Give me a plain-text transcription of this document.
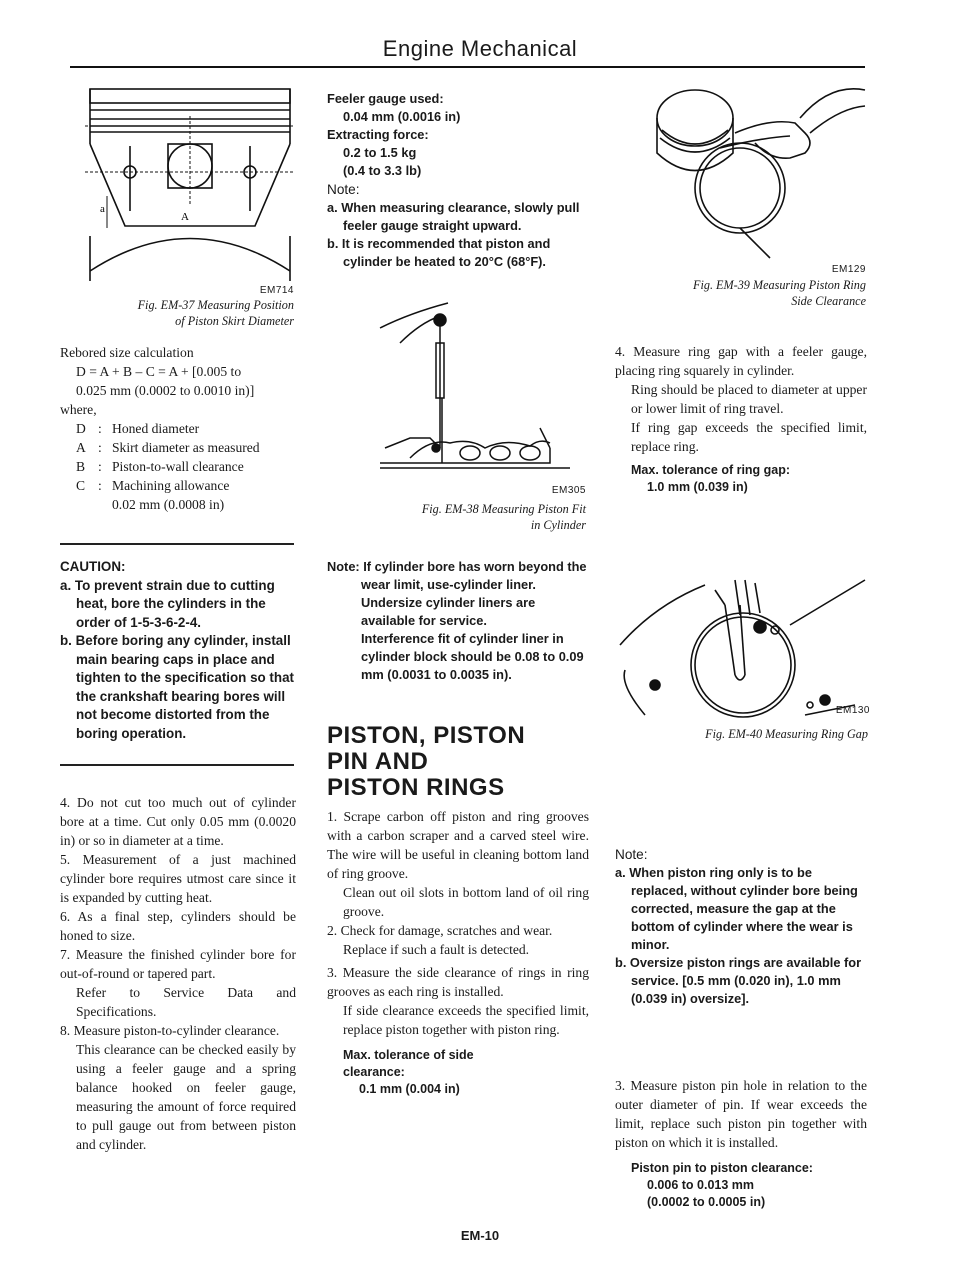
Engine Mechanical
a
A
EM714
Fig. EM-37 Measuring Position
of Piston Skirt Diameter

Rebored size calculation

D = A + B – C = A + [0.005 to

0.025 mm (0.0002 to 0.0010 in)]

where,

D : Honed diameter
A : Skirt diameter as measured
B : Piston-to-wall clearance
C : Machining allowance
0.02 mm (0.0008 in)

CAUTION:

a. To prevent strain due to cutting heat, bore the cylinders in the order of 1-5-3-6-2-4.

b. Before boring any cylinder, install main bearing caps in place and tighten to the specification so that the crankshaft bearing bores will not become distorted from the boring operation.

4. Do not cut too much out of cylinder bore at a time. Cut only 0.05 mm (0.0020 in) or so in diameter at a time.

5. Measurement of a just machined cylinder bore requires utmost care since it is expanded by cutting heat.

6. As a final step, cylinders should be honed to size.

7. Measure the finished cylinder bore for out-of-round or tapered part.

Refer to Service Data and Specifications.

8. Measure piston-to-cylinder clearance.

This clearance can be checked easily by using a feeler gauge and a spring balance hooked on feeler gauge, measuring the amount of force required to pull gauge out from between piston and cylinder.

Feeler gauge used:

0.04 mm (0.0016 in)

Extracting force:

0.2 to 1.5 kg

(0.4 to 3.3 lb)

Note:

a. When measuring clearance, slowly pull feeler gauge straight upward.

b. It is recommended that piston and cylinder be heated to 20°C (68°F).

EM305
Fig. EM-38 Measuring Piston Fit
in Cylinder

Note: If cylinder bore has worn beyond the wear limit, use-cylinder liner.

Undersize cylinder liners are available for service.

Interference fit of cylinder liner in cylinder block should be 0.08 to 0.09 mm (0.0031 to 0.0035 in).

PISTON, PISTON
PIN AND
PISTON RINGS

1. Scrape carbon off piston and ring grooves with a carbon scraper and a carved steel wire. The wire will be useful in cleaning bottom land of ring groove.

Clean out oil slots in bottom land of oil ring groove.

2. Check for damage, scratches and wear.

Replace if such a fault is detected.

3. Measure the side clearance of rings in ring grooves as each ring is installed.

If side clearance exceeds the specified limit, replace piston together with piston ring.

Max. tolerance of side

clearance:

0.1 mm (0.004 in)

EM129
Fig. EM-39 Measuring Piston Ring
Side Clearance

4. Measure ring gap with a feeler gauge, placing ring squarely in cylinder.

Ring should be placed to diameter at upper or lower limit of ring travel.

If ring gap exceeds the specified limit, replace ring.

Max. tolerance of ring gap:

1.0 mm (0.039 in)

EM130
Fig. EM-40 Measuring Ring Gap

Note:

a. When piston ring only is to be replaced, without cylinder bore being corrected, measure the gap at the bottom of cylinder where the wear is minor.

b. Oversize piston rings are available for service. [0.5 mm (0.020 in), 1.0 mm (0.039 in) oversize].

3. Measure piston pin hole in relation to the outer diameter of pin. If wear exceeds the limit, replace such piston pin together with piston on which it is installed.

Piston pin to piston clearance:

0.006 to 0.013 mm

(0.0002 to 0.0005 in)

EM-10
